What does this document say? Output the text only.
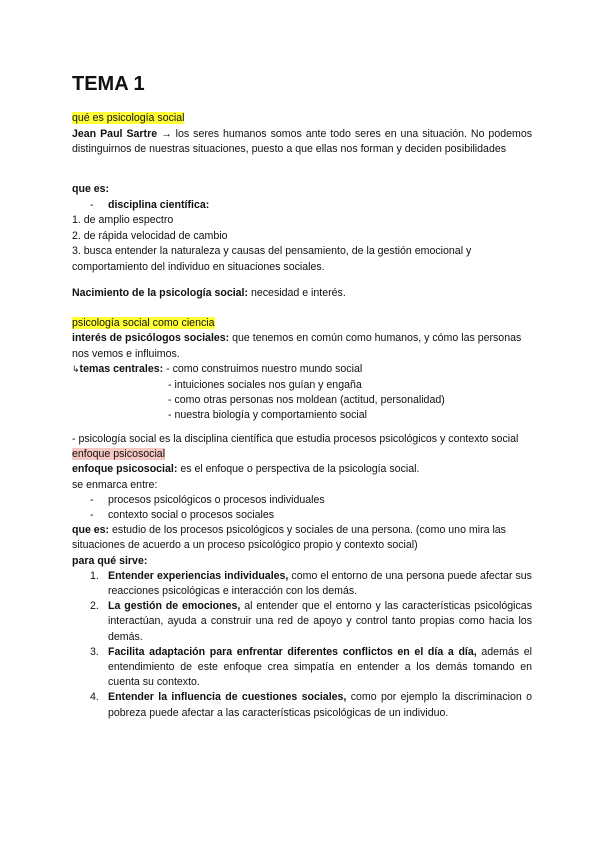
TEMA 1
qué es psicología social
Jean Paul Sartre → los seres humanos somos ante todo seres en una situación. No podemos distinguirnos de nuestras situaciones, puesto a que ellas nos forman y deciden posibilidades
que es:
- disciplina científica:
1. de amplio espectro
2. de rápida velocidad de cambio
3. busca entender la naturaleza y causas del pensamiento, de la gestión emocional y comportamiento del individuo en situaciones sociales.
Nacimiento de la psicología social: necesidad e interés.
psicología social como ciencia
interés de psicólogos sociales: que tenemos en común como humanos, y cómo las personas nos vemos e influimos.
↳temas centrales: - como construimos nuestro mundo social
- intuiciones sociales nos guían y engaña
- como otras personas nos moldean (actitud, personalidad)
- nuestra biología y comportamiento social
- psicología social es la disciplina científica que estudia procesos psicológicos y contexto social
enfoque psicosocial
enfoque psicosocial: es el enfoque o perspectiva de la psicología social.
se enmarca entre:
- procesos psicológicos o procesos individuales
- contexto social o procesos sociales
que es: estudio de los procesos psicológicos y sociales de una persona. (como uno mira las situaciones de acuerdo a un proceso psicológico propio y contexto social)
para qué sirve:
1. Entender experiencias individuales, como el entorno de una persona puede afectar sus reacciones psicológicas e interacción con los demás.
2. La gestión de emociones, al entender que el entorno y las características psicológicas interactúan, ayuda a construir una red de apoyo y control tanto propias como hacia los demás.
3. Facilita adaptación para enfrentar diferentes conflictos en el día a día, además el entendimiento de este enfoque crea simpatía en entender a los demás tomando en cuenta su contexto.
4. Entender la influencia de cuestiones sociales, como por ejemplo la discriminacion o pobreza puede afectar a las características psicológicas de un individuo.
